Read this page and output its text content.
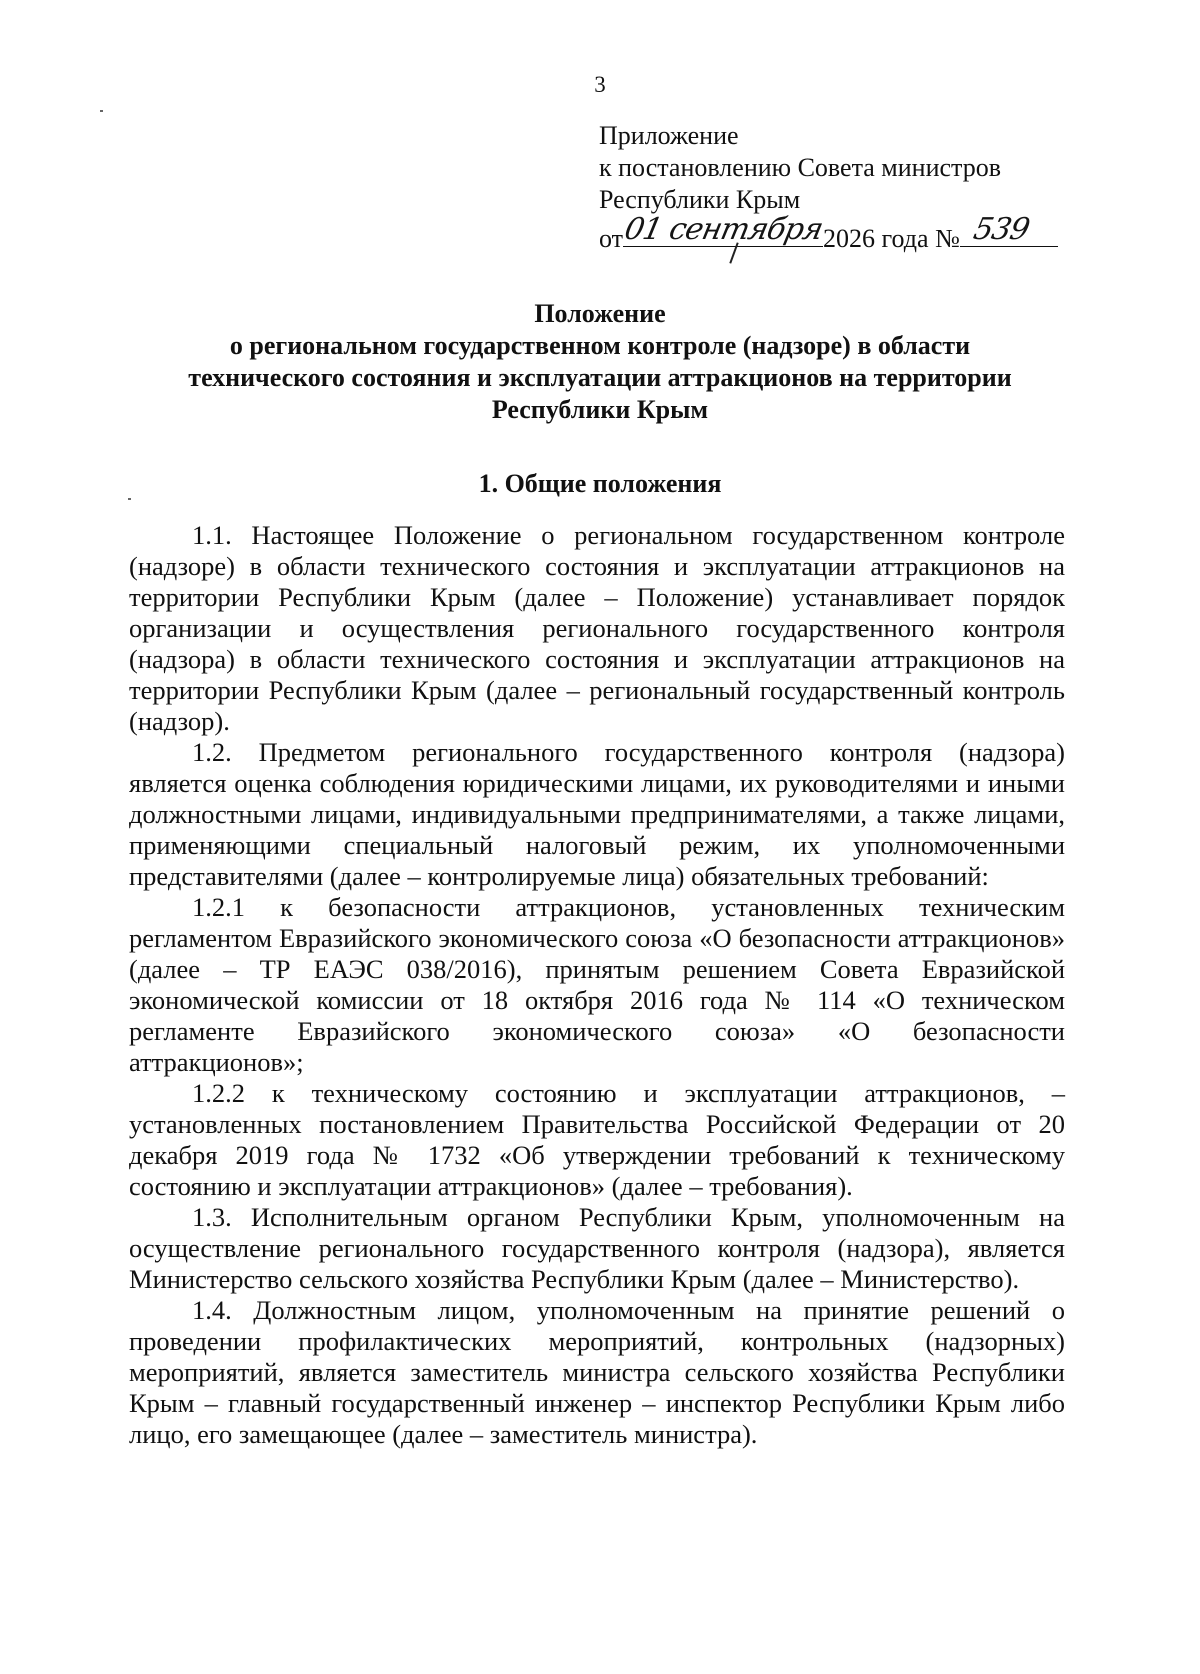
3
Приложение
к постановлению Совета министров
Республики Крым
от
01 сентября
2026 года № 539
Положение
о региональном государственном контроле (надзоре) в области
технического состояния и эксплуатации аттракционов на территории
Республики Крым
1. Общие положения

1.1. Настоящее Положение о региональном государственном контроле (надзоре) в области технического состояния и эксплуатации аттракционов на территории Республики Крым (далее – Положение) устанавливает порядок организации и осуществления регионального государственного контроля (надзора) в области технического состояния и эксплуатации аттракционов на территории Республики Крым (далее – региональный государственный контроль (надзор).

1.2. Предметом регионального государственного контроля (надзора) является оценка соблюдения юридическими лицами, их руководителями и иными должностными лицами, индивидуальными предпринимателями, а также лицами, применяющими специальный налоговый режим, их уполномоченными представителями (далее – контролируемые лица) обязательных требований:

1.2.1 к безопасности аттракционов, установленных техническим регламентом Евразийского экономического союза «О безопасности аттракционов» (далее – ТР ЕАЭС 038/2016), принятым решением Совета Евразийской экономической комиссии от 18 октября 2016 года № 114 «О техническом регламенте Евразийского экономического союза» «О безопасности аттракционов»;

1.2.2 к техническому состоянию и эксплуатации аттракционов, – установленных постановлением Правительства Российской Федерации от 20 декабря 2019 года № 1732 «Об утверждении требований к техническому состоянию и эксплуатации аттракционов» (далее – требования).

1.3. Исполнительным органом Республики Крым, уполномоченным на осуществление регионального государственного контроля (надзора), является Министерство сельского хозяйства Республики Крым (далее – Министерство).

1.4. Должностным лицом, уполномоченным на принятие решений о проведении профилактических мероприятий, контрольных (надзорных) мероприятий, является заместитель министра сельского хозяйства Республики Крым – главный государственный инженер – инспектор Республики Крым либо лицо, его замещающее (далее – заместитель министра).
